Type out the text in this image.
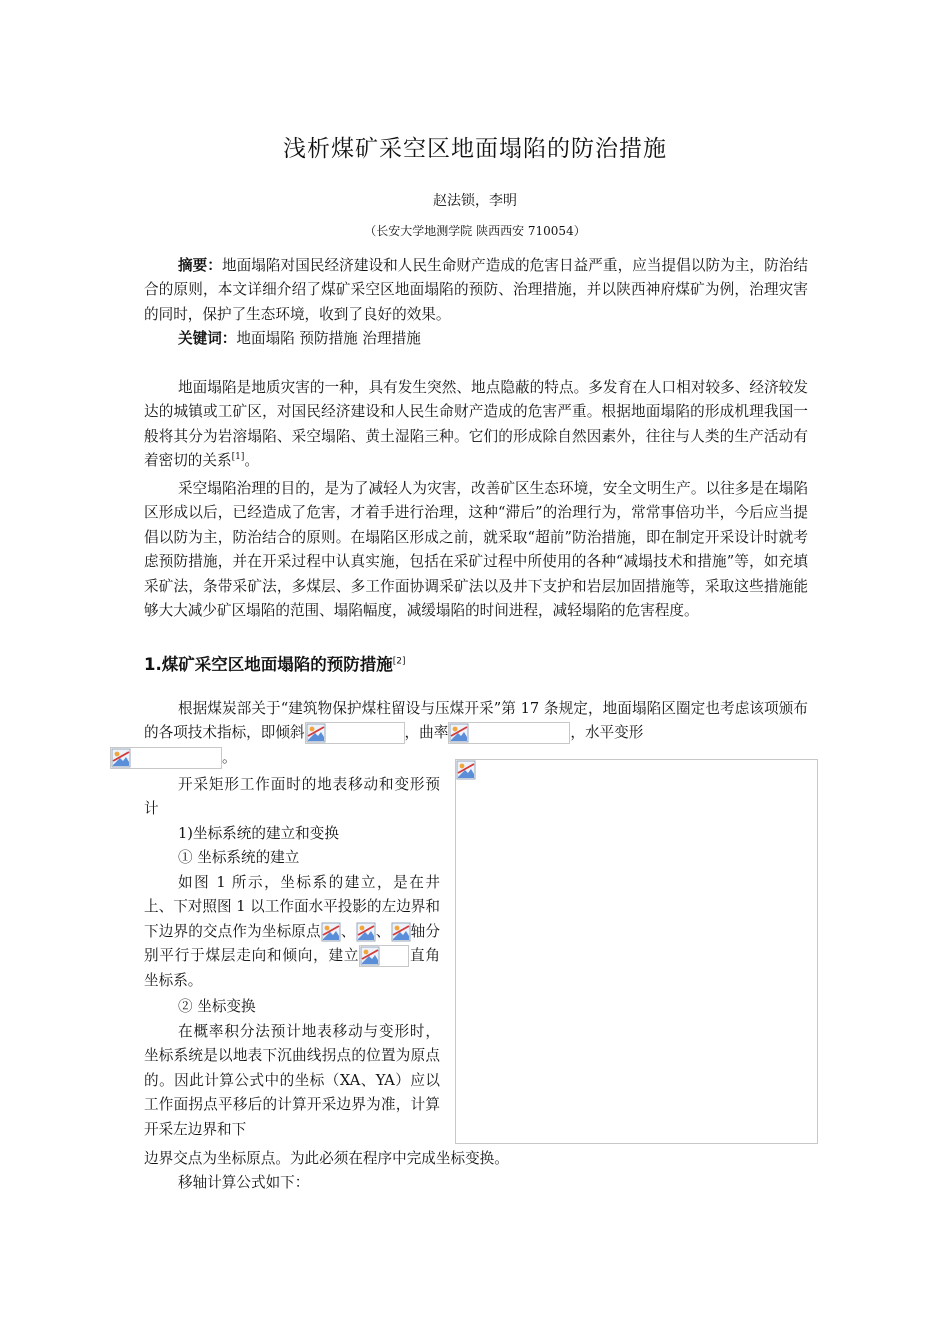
浅析煤矿采空区地面塌陷的防治措施
赵法锁，李明
（长安大学地测学院 陕西西安 710054）

摘要：地面塌陷对国民经济建设和人民生命财产造成的危害日益严重，应当提倡以防为主，防治结合的原则，本文详细介绍了煤矿采空区地面塌陷的预防、治理措施，并以陕西神府煤矿为例，治理灾害的同时，保护了生态环境，收到了良好的效果。

关键词：地面塌陷 预防措施 治理措施

地面塌陷是地质灾害的一种，具有发生突然、地点隐蔽的特点。多发育在人口相对较多、经济较发达的城镇或工矿区，对国民经济建设和人民生命财产造成的危害严重。根据地面塌陷的形成机理我国一般将其分为岩溶塌陷、采空塌陷、黄土湿陷三种。它们的形成除自然因素外，往往与人类的生产活动有着密切的关系[1]。

采空塌陷治理的目的，是为了减轻人为灾害，改善矿区生态环境，安全文明生产。以往多是在塌陷区形成以后，已经造成了危害，才着手进行治理，这种“滞后”的治理行为，常常事倍功半，今后应当提倡以防为主，防治结合的原则。在塌陷区形成之前，就采取“超前”防治措施，即在制定开采设计时就考虑预防措施，并在开采过程中认真实施，包括在采矿过程中所使用的各种“减塌技术和措施”等，如充填采矿法，条带采矿法，多煤层、多工作面协调采矿法以及井下支护和岩层加固措施等，采取这些措施能够大大减少矿区塌陷的范围、塌陷幅度，减缓塌陷的时间进程，减轻塌陷的危害程度。

1.煤矿采空区地面塌陷的预防措施[2]

根据煤炭部关于“建筑物保护煤柱留设与压煤开采”第 17 条规定，地面塌陷区圈定也考虑该项颁布的各项技术指标，即倾斜	，曲率	，水平变形

。

开采矩形工作面时的地表移动和变形预计

1)坐标系统的建立和变换

① 坐标系统的建立

如图 1 所示，坐标系的建立，是在井上、下对照图 1 以工作面水平投影的左边界和下边界的交点作为坐标原点 、 、 轴分别平行于煤层走向和倾向，建立	直角坐标系。

② 坐标变换

在概率积分法预计地表移动与变形时，坐标系统是以地表下沉曲线拐点的位置为原点的。因此计算公式中的坐标（XA、YA）应以工作面拐点平移后的计算开采边界为准，计算开采左边界和下

边界交点为坐标原点。为此必须在程序中完成坐标变换。

移轴计算公式如下：
